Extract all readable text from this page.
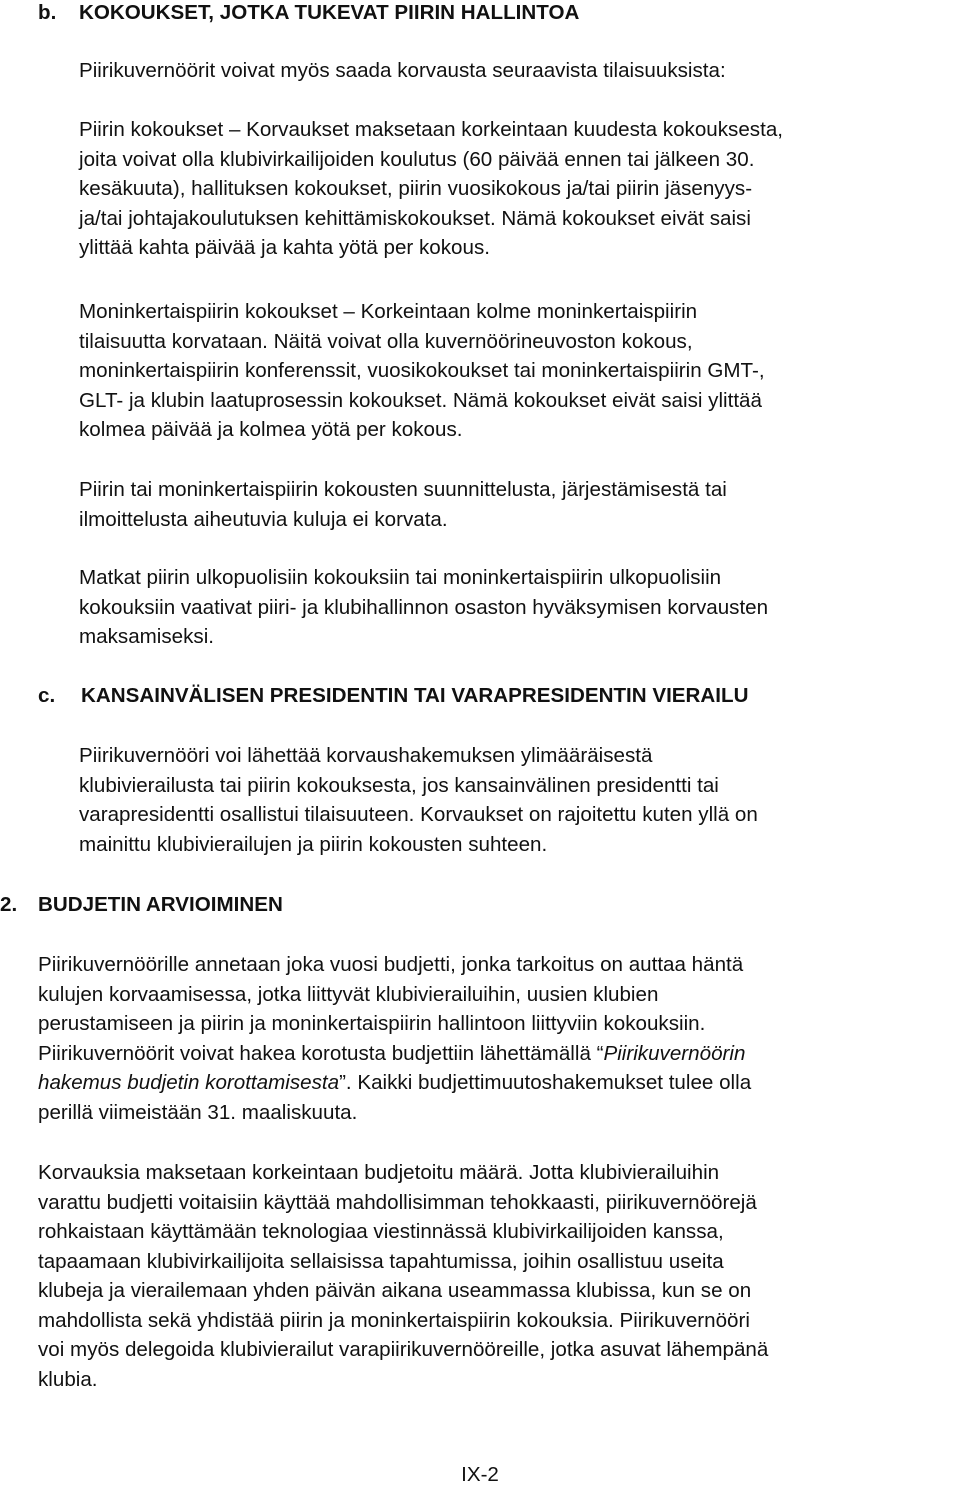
b. KOKOUKSET, JOTKA TUKEVAT PIIRIN HALLINTOA
Piirikuvernöörit voivat myös saada korvausta seuraavista tilaisuuksista:
Piirin kokoukset – Korvaukset maksetaan korkeintaan kuudesta kokouksesta,
joita voivat olla klubivirkailijoiden koulutus (60 päivää ennen tai jälkeen 30.
kesäkuuta), hallituksen kokoukset, piirin vuosikokous ja/tai piirin jäsenyys-
ja/tai johtajakoulutuksen kehittämiskokoukset. Nämä kokoukset eivät saisi
ylittää kahta päivää ja kahta yötä per kokous.
Moninkertaispiirin kokoukset – Korkeintaan kolme moninkertaispiirin
tilaisuutta korvataan. Näitä voivat olla kuvernöörineuvoston kokous,
moninkertaispiirin konferenssit, vuosikokoukset tai moninkertaispiirin GMT-,
GLT- ja klubin laatuprosessin kokoukset. Nämä kokoukset eivät saisi ylittää
kolmea päivää ja kolmea yötä per kokous.
Piirin tai moninkertaispiirin kokousten suunnittelusta, järjestämisestä tai
ilmoittelusta aiheutuvia kuluja ei korvata.
Matkat piirin ulkopuolisiin kokouksiin tai moninkertaispiirin ulkopuolisiin
kokouksiin vaativat piiri- ja klubihallinnon osaston hyväksymisen korvausten
maksamiseksi.
c. KANSAINVÄLISEN PRESIDENTIN TAI VARAPRESIDENTIN VIERAILU
Piirikuvernööri voi lähettää korvaushakemuksen ylimääräisestä
klubivierailusta tai piirin kokouksesta, jos kansainvälinen presidentti tai
varapresidentti osallistui tilaisuuteen. Korvaukset on rajoitettu kuten yllä on
mainittu klubivierailujen ja piirin kokousten suhteen.
2. BUDJETIN ARVIOIMINEN
Piirikuvernöörille annetaan joka vuosi budjetti, jonka tarkoitus on auttaa häntä
kulujen korvaamisessa, jotka liittyvät klubivierailuihin, uusien klubien
perustamiseen ja piirin ja moninkertaispiirin hallintoon liittyviin kokouksiin.
Piirikuvernöörit voivat hakea korotusta budjettiin lähettämällä “Piirikuvernöörin
hakemus budjetin korottamisesta”. Kaikki budjettimuutoshakemukset tulee olla
perillä viimeistään 31. maaliskuuta.
Korvauksia maksetaan korkeintaan budjetoitu määrä. Jotta klubivierailuihin
varattu budjetti voitaisiin käyttää mahdollisimman tehokkaasti, piirikuvernöörejä
rohkaistaan käyttämään teknologiaa viestinnässä klubivirkailijoiden kanssa,
tapaamaan klubivirkailijoita sellaisissa tapahtumissa, joihin osallistuu useita
klubeja ja vierailemaan yhden päivän aikana useammassa klubissa, kun se on
mahdollista sekä yhdistää piirin ja moninkertaispiirin kokouksia. Piirikuvernööri
voi myös delegoida klubivierailut varapiirikuvernööreille, jotka asuvat lähempänä
klubia.
IX-2
